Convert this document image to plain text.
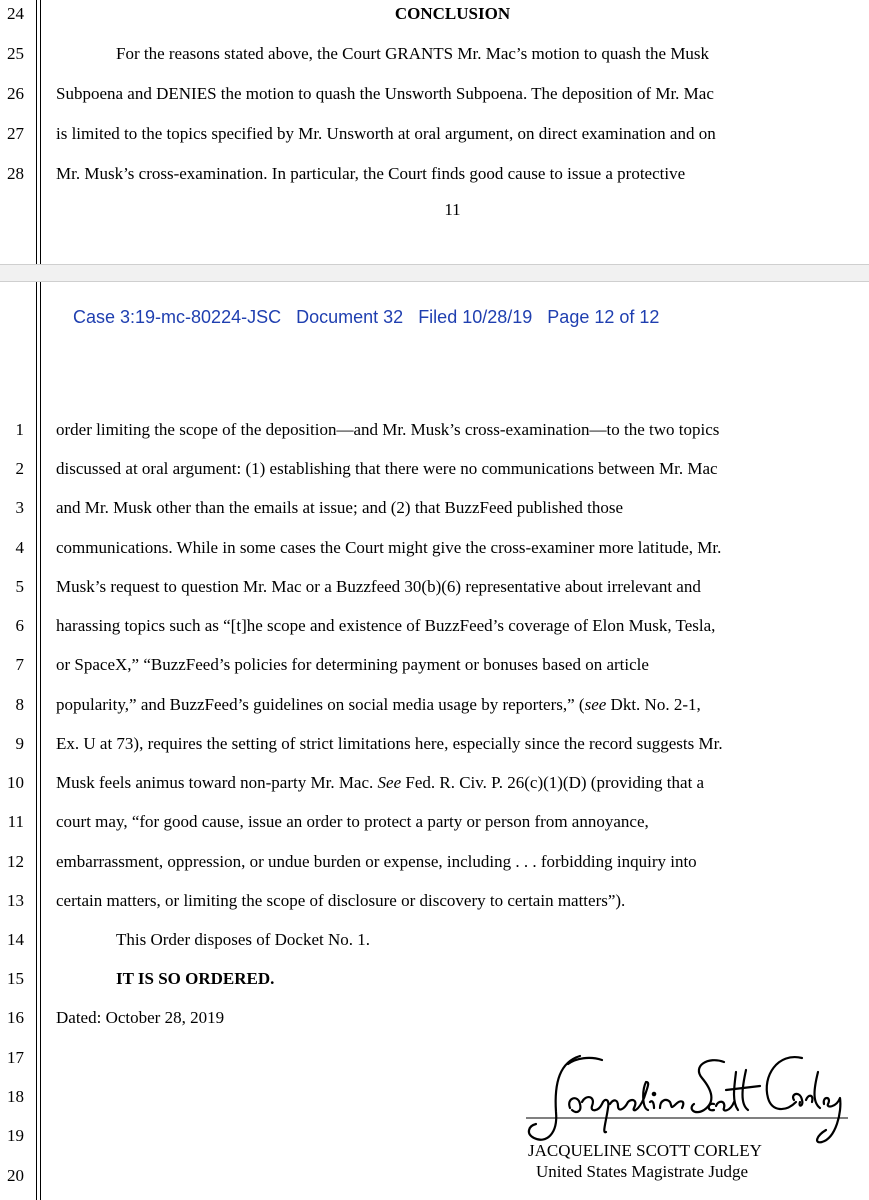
24
25
26
27
28
CONCLUSION
For the reasons stated above, the Court GRANTS Mr. Mac’s motion to quash the Musk
Subpoena and DENIES the motion to quash the Unsworth Subpoena. The deposition of Mr. Mac
is limited to the topics specified by Mr. Unsworth at oral argument, on direct examination and on
Mr. Musk’s cross-examination. In particular, the Court finds good cause to issue a protective
11
Case 3:19-mc-80224-JSC Document 32 Filed 10/28/19 Page 12 of 12
1
2
3
4
5
6
7
8
9
10
11
12
13
14
15
16
17
18
19
20
order limiting the scope of the deposition—and Mr. Musk’s cross-examination—to the two topics
discussed at oral argument: (1) establishing that there were no communications between Mr. Mac
and Mr. Musk other than the emails at issue; and (2) that BuzzFeed published those
communications. While in some cases the Court might give the cross-examiner more latitude, Mr.
Musk’s request to question Mr. Mac or a Buzzfeed 30(b)(6) representative about irrelevant and
harassing topics such as “[t]he scope and existence of BuzzFeed’s coverage of Elon Musk, Tesla,
or SpaceX,” “BuzzFeed’s policies for determining payment or bonuses based on article
popularity,” and BuzzFeed’s guidelines on social media usage by reporters,” (see Dkt. No. 2-1,
Ex. U at 73), requires the setting of strict limitations here, especially since the record suggests Mr.
Musk feels animus toward non-party Mr. Mac. See Fed. R. Civ. P. 26(c)(1)(D) (providing that a
court may, “for good cause, issue an order to protect a party or person from annoyance,
embarrassment, oppression, or undue burden or expense, including . . . forbidding inquiry into
certain matters, or limiting the scope of disclosure or discovery to certain matters”).
This Order disposes of Docket No. 1.
IT IS SO ORDERED.
Dated: October 28, 2019
JACQUELINE SCOTT CORLEY
United States Magistrate Judge
